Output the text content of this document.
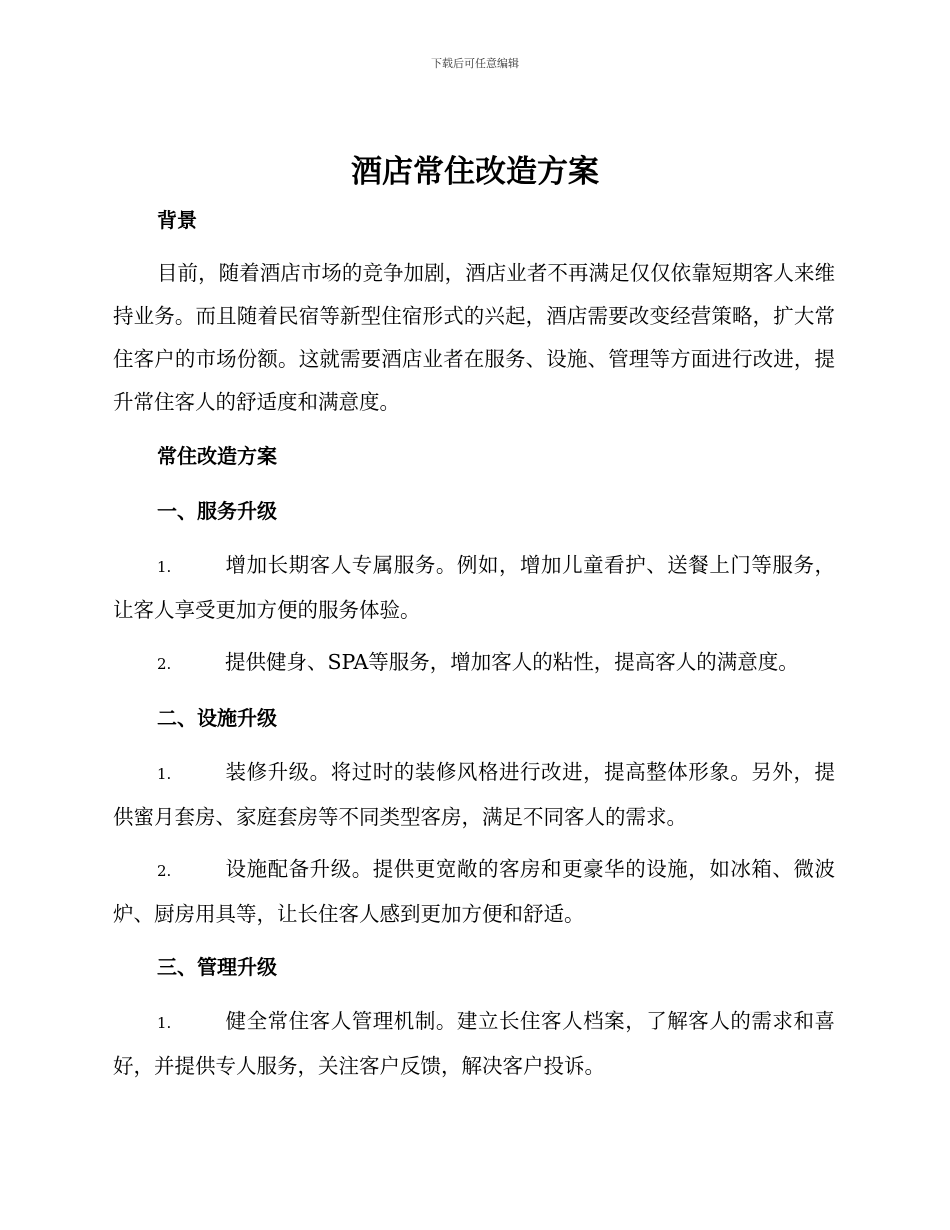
下载后可任意编辑

酒店常住改造方案
背景

目前，随着酒店市场的竞争加剧，酒店业者不再满足仅仅依靠短期客人来维持业务。而且随着民宿等新型住宿形式的兴起，酒店需要改变经营策略，扩大常住客户的市场份额。这就需要酒店业者在服务、设施、管理等方面进行改进，提升常住客人的舒适度和满意度。

常住改造方案
一、服务升级

1.	增加长期客人专属服务。例如，增加儿童看护、送餐上门等服务，让客人享受更加方便的服务体验。

2.	提供健身、SPA等服务，增加客人的粘性，提高客人的满意度。

二、设施升级

1.	装修升级。将过时的装修风格进行改进，提高整体形象。另外，提供蜜月套房、家庭套房等不同类型客房，满足不同客人的需求。

2.	设施配备升级。提供更宽敞的客房和更豪华的设施，如冰箱、微波炉、厨房用具等，让长住客人感到更加方便和舒适。

三、管理升级

1.	健全常住客人管理机制。建立长住客人档案，了解客人的需求和喜好，并提供专人服务，关注客户反馈，解决客户投诉。
